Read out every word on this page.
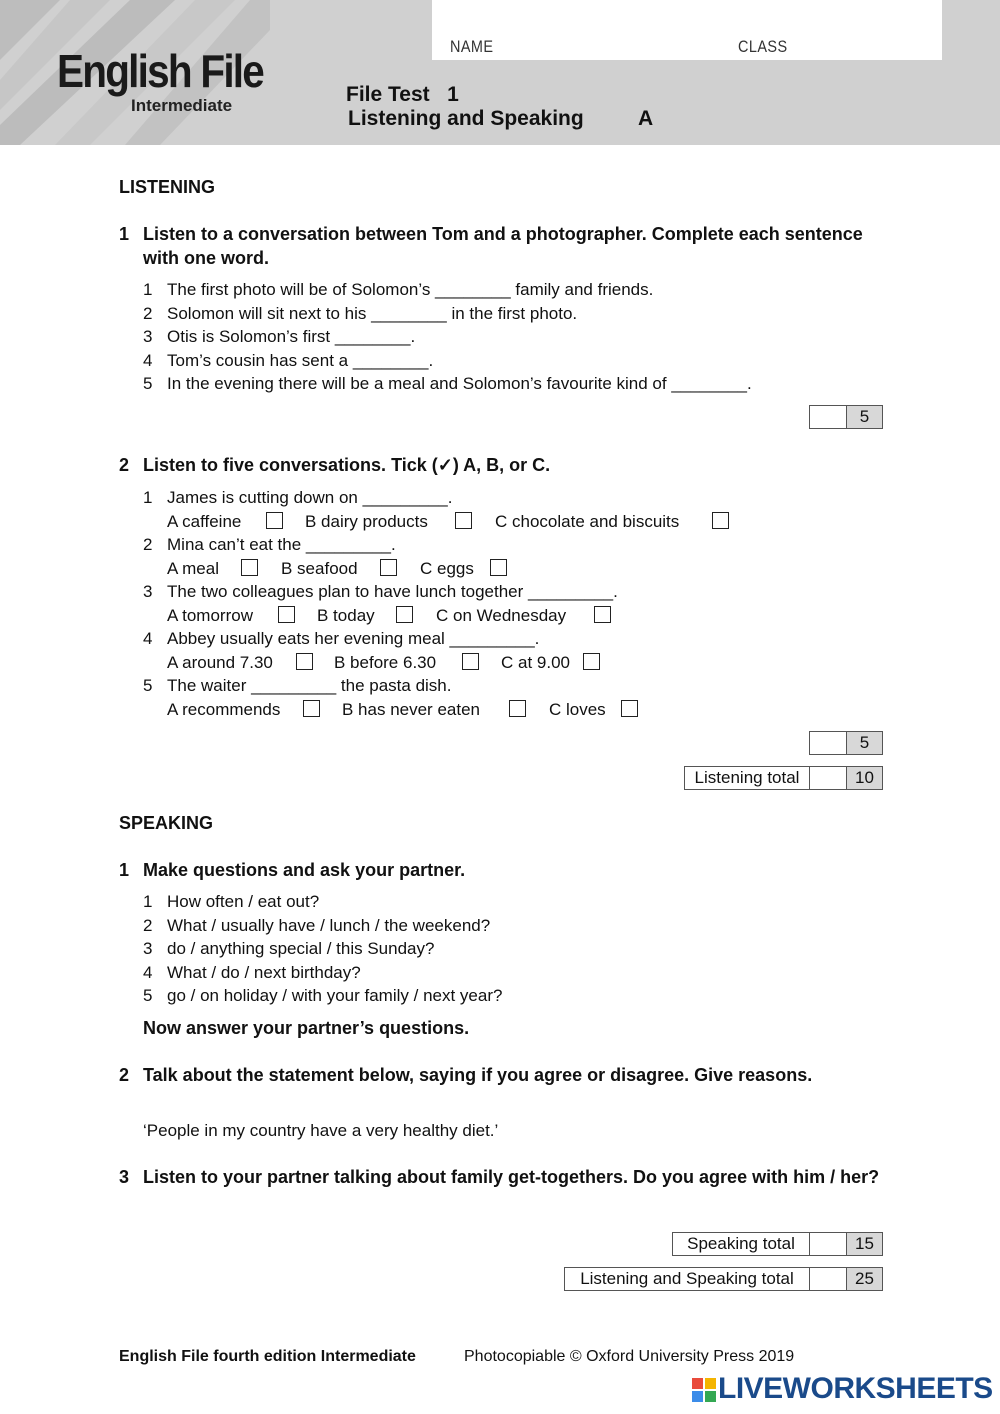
NAME	CLASS
English File
Intermediate	File Test   1
Listening and Speaking	A
LISTENING
1 Listen to a conversation between Tom and a photographer. Complete each sentence with one word.
1 The first photo will be of Solomon’s ________ family and friends.
2 Solomon will sit next to his ________ in the first photo.
3 Otis is Solomon’s first ________.
4 Tom’s cousin has sent a ________.
5 In the evening there will be a meal and Solomon’s favourite kind of ________.
5
2 Listen to five conversations. Tick (✓) A, B, or C.
1 James is cutting down on _________.
A caffeine	B dairy products	C chocolate and biscuits
2 Mina can’t eat the _________.
A meal	B seafood	C eggs
3 The two colleagues plan to have lunch together _________.
A tomorrow	B today	C on Wednesday
4 Abbey usually eats her evening meal _________.
A around 7.30	B before 6.30	C at 9.00
5 The waiter _________ the pasta dish.
A recommends	B has never eaten	C loves
5
Listening total	10
SPEAKING
1 Make questions and ask your partner.
1 How often / eat out?
2 What / usually have / lunch / the weekend?
3 do / anything special / this Sunday?
4 What / do / next birthday?
5 go / on holiday / with your family / next year?
Now answer your partner’s questions.
2 Talk about the statement below, saying if you agree or disagree. Give reasons.
‘People in my country have a very healthy diet.’
3 Listen to your partner talking about family get-togethers. Do you agree with him / her?
Speaking total	15
Listening and Speaking total	25
English File fourth edition Intermediate	Photocopiable © Oxford University Press 2019
LIVEWORKSHEETS
